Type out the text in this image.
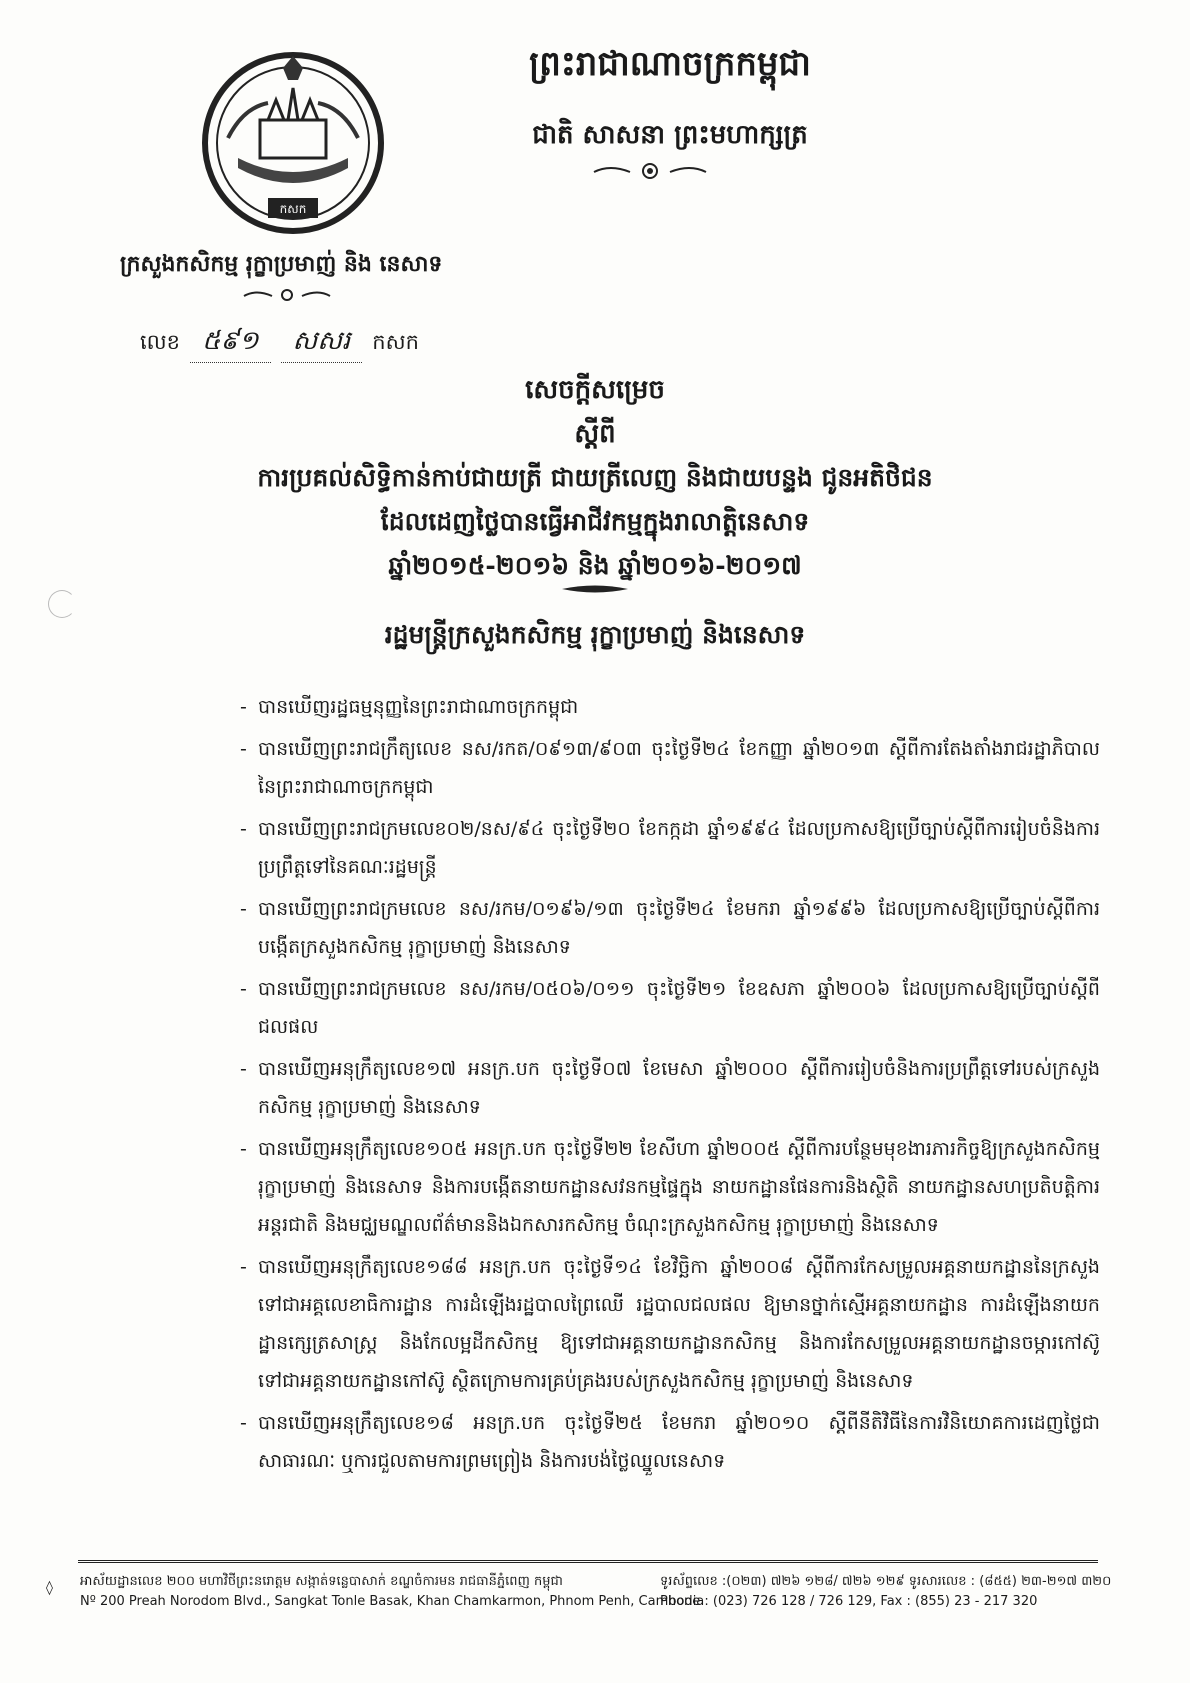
កសក
ព្រះរាជាណាចក្រកម្ពុជា
ជាតិ សាសនា ព្រះមហាក្សត្រ
ក្រសួងកសិកម្ម រុក្ខាប្រមាញ់ និង នេសាទ
លេខ ៥៩១	សសរ	កសក
សេចក្តីសម្រេច
ស្តីពី
ការប្រគល់សិទ្ធិកាន់កាប់ជាយត្រី ជាយត្រីលេញ និងជាយបន្ទង ជូនអតិថិជន
ដែលដេញថ្លៃបានធ្វើអាជីវកម្មក្នុងរាលាត្តិនេសាទ
ឆ្នាំ២០១៥-២០១៦ និង ឆ្នាំ២០១៦-២០១៧
រដ្ឋមន្ត្រីក្រសួងកសិកម្ម រុក្ខាប្រមាញ់ និងនេសាទ
- បានឃើញរដ្ឋធម្មនុញ្ញនៃព្រះរាជាណាចក្រកម្ពុជា
- បានឃើញព្រះរាជក្រឹត្យលេខ នស/រកត/០៩១៣/៩០៣ ចុះថ្ងៃទី២៤ ខែកញ្ញា ឆ្នាំ២០១៣ ស្តីពីការតែងតាំងរាជរដ្ឋាភិបាលនៃព្រះរាជាណាចក្រកម្ពុជា
- បានឃើញព្រះរាជក្រមលេខ០២/នស/៩៤ ចុះថ្ងៃទី២០ ខែកក្កដា ឆ្នាំ១៩៩៤ ដែលប្រកាសឱ្យប្រើច្បាប់ស្តីពីការរៀបចំនិងការប្រព្រឹត្តទៅនៃគណៈរដ្ឋមន្ត្រី
- បានឃើញព្រះរាជក្រមលេខ នស/រកម/០១៩៦/១៣ ចុះថ្ងៃទី២៤ ខែមករា ឆ្នាំ១៩៩៦ ដែលប្រកាសឱ្យប្រើច្បាប់ស្តីពីការបង្កើតក្រសួងកសិកម្ម រុក្ខាប្រមាញ់ និងនេសាទ
- បានឃើញព្រះរាជក្រមលេខ នស/រកម/០៥០៦/០១១ ចុះថ្ងៃទី២១ ខែឧសភា ឆ្នាំ២០០៦ ដែលប្រកាសឱ្យប្រើច្បាប់ស្តីពីជលផល
- បានឃើញអនុក្រឹត្យលេខ១៧ អនក្រ.បក ចុះថ្ងៃទី០៧ ខែមេសា ឆ្នាំ២០០០ ស្តីពីការរៀបចំនិងការប្រព្រឹត្តទៅរបស់ក្រសួងកសិកម្ម រុក្ខាប្រមាញ់ និងនេសាទ
- បានឃើញអនុក្រឹត្យលេខ១០៥ អនក្រ.បក ចុះថ្ងៃទី២២ ខែសីហា ឆ្នាំ២០០៥ ស្តីពីការបន្ថែមមុខងារភារកិច្ចឱ្យក្រសួងកសិកម្ម រុក្ខាប្រមាញ់ និងនេសាទ និងការបង្កើតនាយកដ្ឋានសវនកម្មផ្ទៃក្នុង នាយកដ្ឋានផែនការនិងស្ថិតិ នាយកដ្ឋានសហប្រតិបត្តិការអន្តរជាតិ និងមជ្ឈមណ្ឌលព័ត៌មាននិងឯកសារកសិកម្ម ចំណុះក្រសួងកសិកម្ម រុក្ខាប្រមាញ់ និងនេសាទ
- បានឃើញអនុក្រឹត្យលេខ១៨៨ អនក្រ.បក ចុះថ្ងៃទី១៤ ខែវិច្ឆិកា ឆ្នាំ២០០៨ ស្តីពីការកែសម្រួលអគ្គនាយកដ្ឋាននៃក្រសួង ទៅជាអគ្គលេខាធិការដ្ឋាន ការដំឡើងរដ្ឋបាលព្រៃឈើ រដ្ឋបាលជលផល ឱ្យមានថ្នាក់ស្មើអគ្គនាយកដ្ឋាន ការដំឡើងនាយកដ្ឋានក្សេត្រសាស្ត្រ និងកែលម្អដីកសិកម្ម ឱ្យទៅជាអគ្គនាយកដ្ឋានកសិកម្ម និងការកែសម្រួលអគ្គនាយកដ្ឋានចម្ការកៅស៊ូ ទៅជាអគ្គនាយកដ្ឋានកៅស៊ូ ស្ថិតក្រោមការគ្រប់គ្រងរបស់ក្រសួងកសិកម្ម រុក្ខាប្រមាញ់ និងនេសាទ
- បានឃើញអនុក្រឹត្យលេខ១៨ អនក្រ.បក ចុះថ្ងៃទី២៥ ខែមករា ឆ្នាំ២០១០ ស្តីពីនីតិវិធីនៃការវិនិយោគការដេញថ្លៃជាសាធារណៈ ឬការជួលតាមការព្រមព្រៀង និងការបង់ថ្លៃឈ្នួលនេសាទ
◊ អាស័យដ្ឋានលេខ ២០០ មហាវិថីព្រះនរោត្តម សង្កាត់ទន្លេបាសាក់ ខណ្ឌចំការមន រាជធានីភ្នំពេញ កម្ពុជា
Nº 200 Preah Norodom Blvd., Sangkat Tonle Basak, Khan Chamkarmon, Phnom Penh, Cambodia
ទូរស័ព្ទលេខ :(០២៣) ៧២៦ ១២៨/ ៧២៦ ១២៩ ទូរសារលេខ : (៨៥៥) ២៣-២១៧ ៣២០
Phone : (023) 726 128 / 726 129, Fax : (855) 23 - 217 320
